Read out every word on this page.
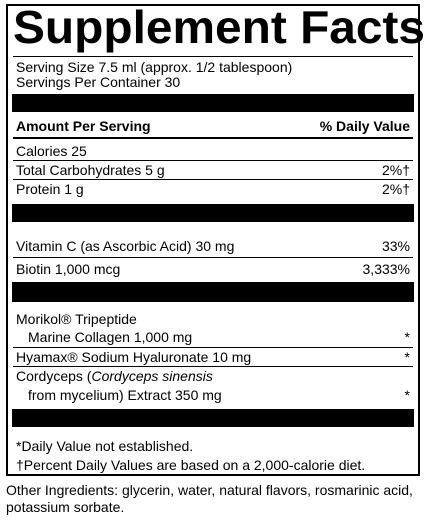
Supplement Facts
Serving Size 7.5 ml (approx. 1/2 tablespoon)
Servings Per Container 30
Amount Per Serving	% Daily Value
Calories 25
Total Carbohydrates 5 g	2%†
Protein 1 g	2%†
Vitamin C (as Ascorbic Acid) 30 mg	33%
Biotin 1,000 mcg	3,333%
Morikol® Tripeptide
Marine Collagen 1,000 mg	*
Hyamax® Sodium Hyaluronate 10 mg	*
Cordyceps (Cordyceps sinensis
from mycelium) Extract 350 mg	*
*Daily Value not established.
†Percent Daily Values are based on a 2,000-calorie diet.
Other Ingredients: glycerin, water, natural flavors, rosmarinic acid, potassium sorbate.
